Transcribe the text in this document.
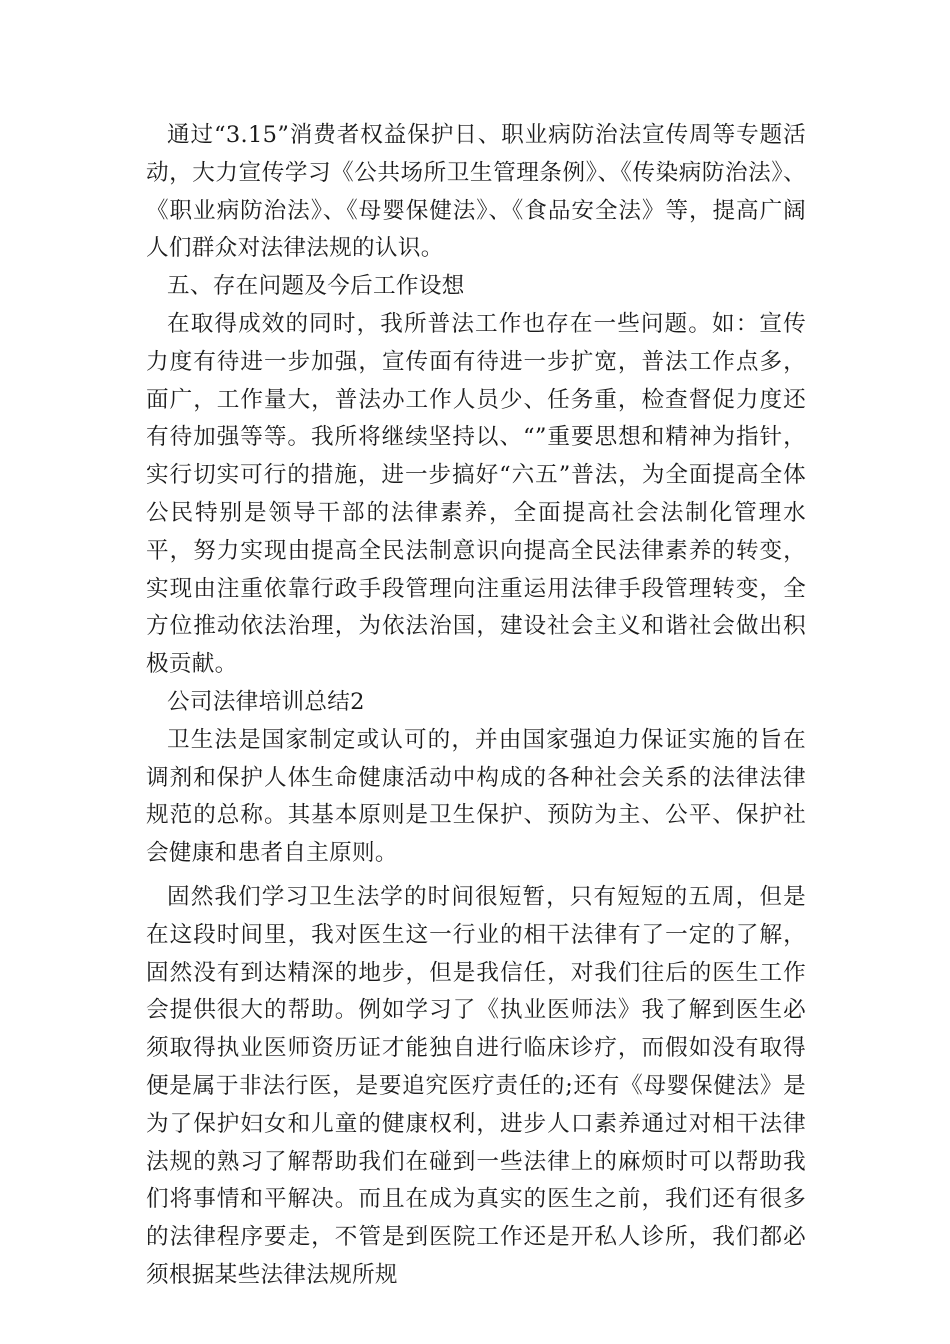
通过“3.15”消费者权益保护日、职业病防治法宣传周等专题活动，大力宣传学习《公共场所卫生管理条例》、《传染病防治法》、《职业病防治法》、《母婴保健法》、《食品安全法》等，提高广阔人们群众对法律法规的认识。

五、存在问题及今后工作设想

在取得成效的同时，我所普法工作也存在一些问题。如：宣传力度有待进一步加强，宣传面有待进一步扩宽，普法工作点多，面广，工作量大，普法办工作人员少、任务重，检查督促力度还有待加强等等。我所将继续坚持以、“”重要思想和精神为指针，实行切实可行的措施，进一步搞好“六五”普法，为全面提高全体公民特别是领导干部的法律素养，全面提高社会法制化管理水平，努力实现由提高全民法制意识向提高全民法律素养的转变，实现由注重依靠行政手段管理向注重运用法律手段管理转变，全方位推动依法治理，为依法治国，建设社会主义和谐社会做出积极贡献。

公司法律培训总结2

卫生法是国家制定或认可的，并由国家强迫力保证实施的旨在调剂和保护人体生命健康活动中构成的各种社会关系的法律法律规范的总称。其基本原则是卫生保护、预防为主、公平、保护社会健康和患者自主原则。

固然我们学习卫生法学的时间很短暂，只有短短的五周，但是在这段时间里，我对医生这一行业的相干法律有了一定的了解，固然没有到达精深的地步，但是我信任，对我们往后的医生工作会提供很大的帮助。例如学习了《执业医师法》我了解到医生必须取得执业医师资历证才能独自进行临床诊疗，而假如没有取得便是属于非法行医，是要追究医疗责任的;还有《母婴保健法》是为了保护妇女和儿童的健康权利，进步人口素养通过对相干法律法规的熟习了解帮助我们在碰到一些法律上的麻烦时可以帮助我们将事情和平解决。而且在成为真实的医生之前，我们还有很多的法律程序要走，不管是到医院工作还是开私人诊所，我们都必须根据某些法律法规所规
